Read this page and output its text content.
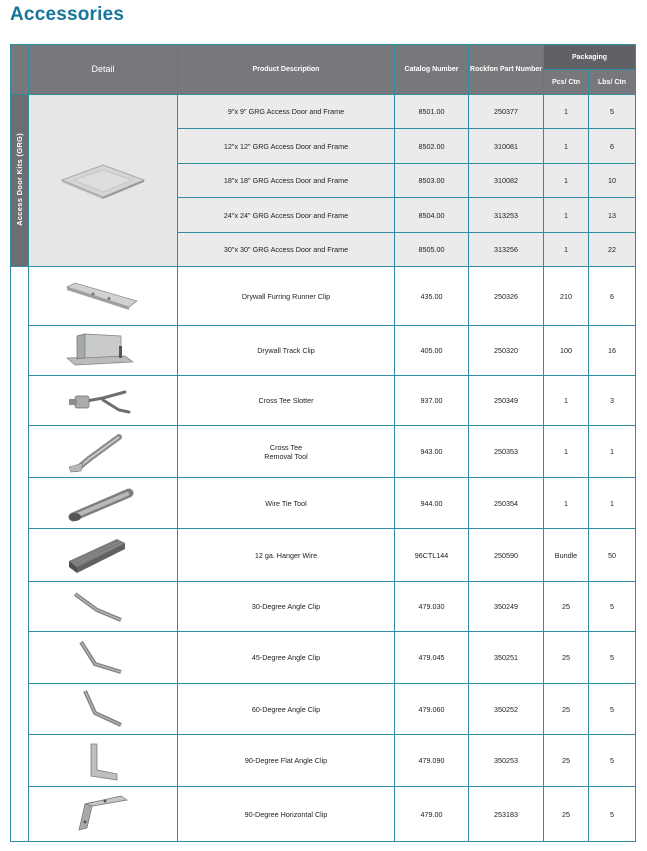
Accessories
	Detail	Product Description	Catalog Number	Rockfon Part Number	Packaging	
					Pcs/ Ctn	Lbs/ Ctn
Access Door Kits (GRG)		9"x 9" GRG Access Door and Frame	8501.00	250377	1	5
		12"x 12" GRG Access Door and Frame	8502.00	310081	1	6
		18"x 18" GRG Access Door and Frame	8503.00	310082	1	10
		24"x 24" GRG Access Door and Frame	8504.00	313253	1	13
		30"x 30" GRG Access Door and Frame	8505.00	313256	1	22
Other Accessories		Drywall Furring Runner Clip	435.00	250326	210	6

	Drywall Track Clip	405.00	250320	100	16

	Cross Tee Slotter	937.00	250349	1	3

Cross Tee
Removal Tool	943.00	250353	1	1

	Wire Tie Tool	944.00	250354	1	1

	12 ga. Hanger Wire	96CTL144	250590	Bundle	50

	30-Degree Angle Clip	479.030	350249	25	5

	45-Degree Angle Clip	479.045	350251	25	5

	60-Degree Angle Clip	479.060	350252	25	5

	90-Degree Flat Angle Clip	479.090	350253	25	5

	90-Degree Horizontal Clip	479.00	253183	25	5
